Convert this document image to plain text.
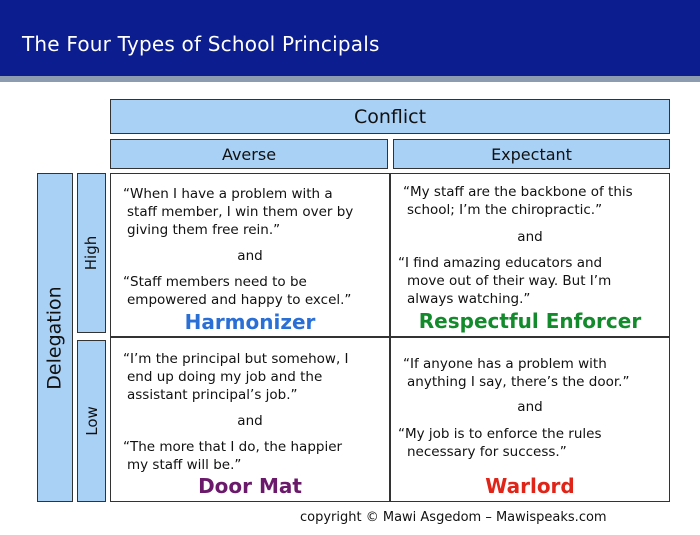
The Four Types of School Principals
Conflict
Averse	Expectant
Delegation
High
Low
“When I have a problem with a
staff member, I win them over by
giving them free rein.”
and
“Staff members need to be
empowered and happy to excel.”
Harmonizer
“My staff are the backbone of this
school; I’m the chiropractic.”
and
“I find amazing educators and
move out of their way. But I’m
always watching.”
Respectful Enforcer
“I’m the principal but somehow, I
end up doing my job and the
assistant principal’s job.”
and
“The more that I do, the happier
my staff will be.”
Door Mat
“If anyone has a problem with
anything I say, there’s the door.”
and
“My job is to enforce the rules
necessary for success.”
Warlord
copyright © Mawi Asgedom – Mawispeaks.com
